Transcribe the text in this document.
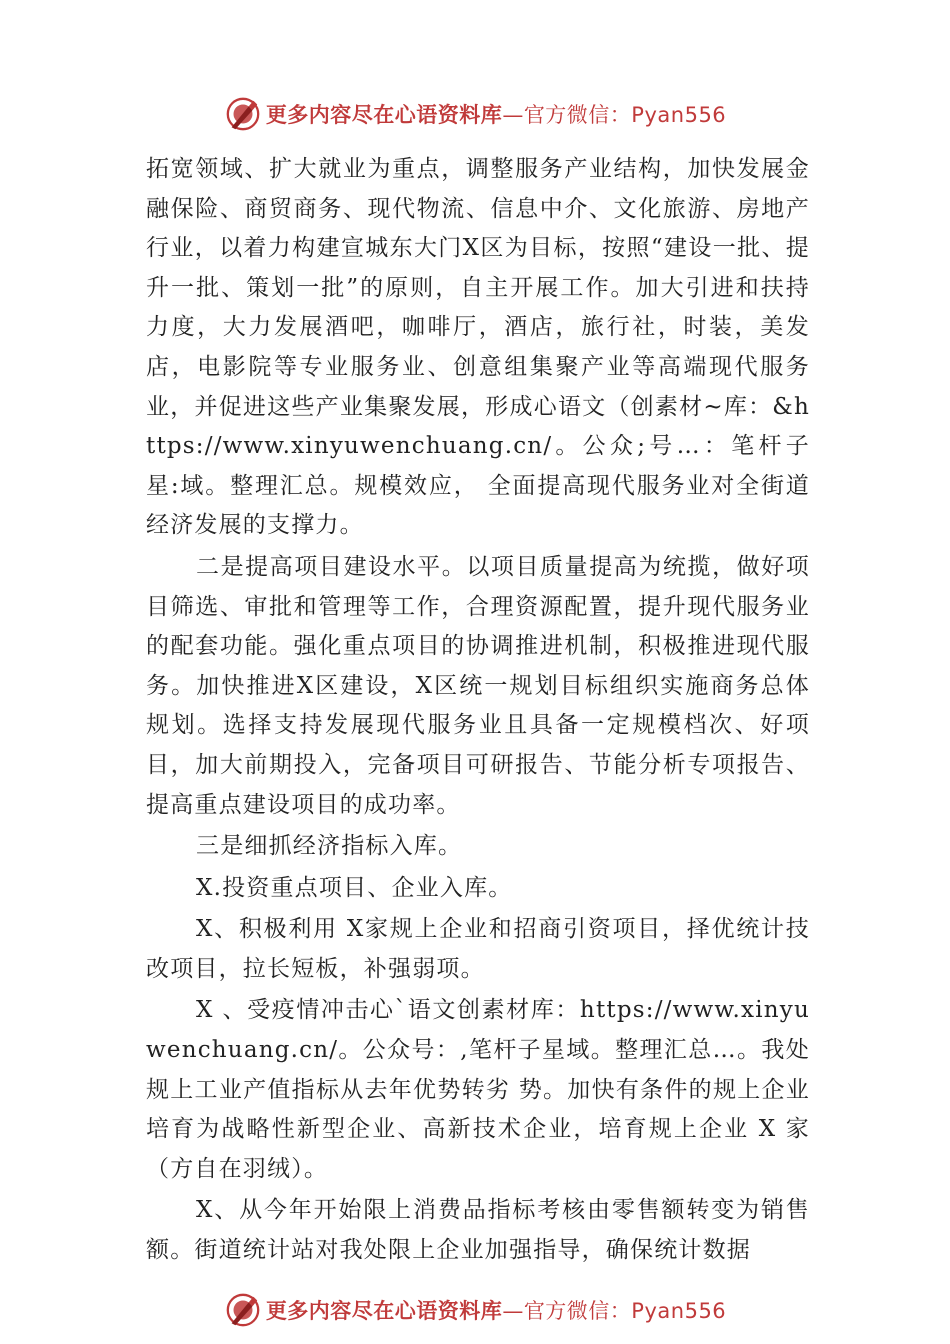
更多内容尽在心语资料库—官方微信：Pyan556

拓宽领域、扩大就业为重点，调整服务产业结构，加快发展金融保险、商贸商务、现代物流、信息中介、文化旅游、房地产行业，以着力构建宣城东大门X区为目标，按照“建设一批、提升一批、策划一批”的原则，自主开展工作。加大引进和扶持力度，大力发展酒吧，咖啡厅，酒店，旅行社，时装，美发店，电影院等专业服务业、创意组集聚产业等高端现代服务业，并促进这些产业集聚发展，形成心语文（创素材~库：&https://www.xinyuwenchuang.cn/。公众;号…：笔杆子星:域。整理汇总。规模效应， 全面提高现代服务业对全街道经济发展的支撑力。

二是提高项目建设水平。以项目质量提高为统揽，做好项目筛选、审批和管理等工作，合理资源配置，提升现代服务业的配套功能。强化重点项目的协调推进机制，积极推进现代服务。加快推进X区建设，X区统一规划目标组织实施商务总体规划。选择支持发展现代服务业且具备一定规模档次、好项目，加大前期投入，完备项目可研报告、节能分析专项报告、提高重点建设项目的成功率。

三是细抓经济指标入库。

X.投资重点项目、企业入库。

X、积极利用 X家规上企业和招商引资项目，择优统计技改项目，拉长短板，补强弱项。

X 、受疫情冲击心`语文创素材库：https://www.xinyuwenchuang.cn/。公众号：,笔杆子星域。整理汇总…。我处规上工业产值指标从去年优势转劣 势。加快有条件的规上企业培育为战略性新型企业、高新技术企业，培育规上企业 X 家（方自在羽绒）。

X、从今年开始限上消费品指标考核由零售额转变为销售额。街道统计站对我处限上企业加强指导，确保统计数据

更多内容尽在心语资料库—官方微信：Pyan556
